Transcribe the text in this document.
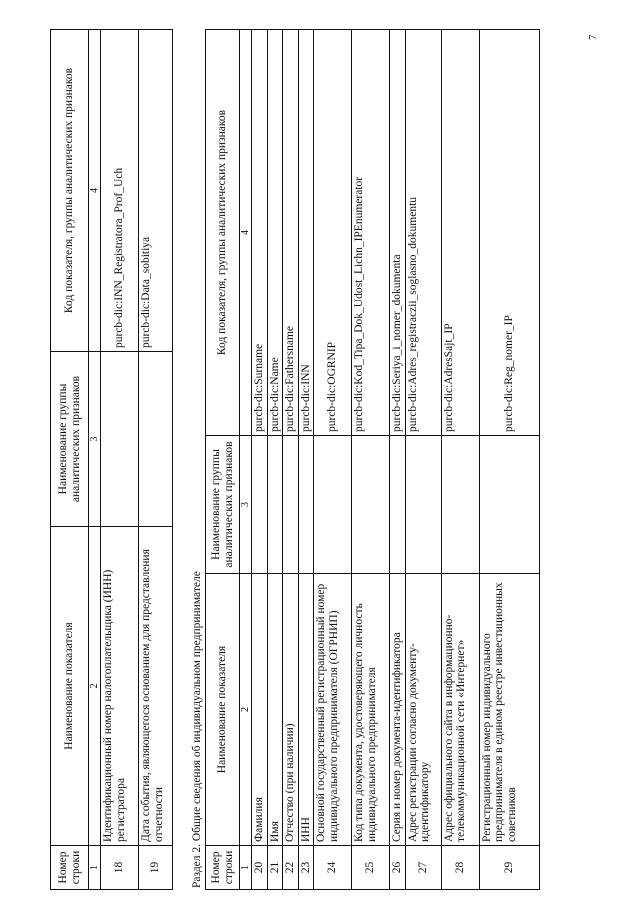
7
Номер строки	Наименование показателя	Наименование группы аналитических признаков	Код показателя, группы аналитических признаков
1	2	3	4
18	Идентификационный номер налогоплательщика (ИНН) регистратора		purcb-dic:INN_Registratora_Prof_Uch
19	Дата события, являющегося основанием для представления отчетности		purcb-dic:Data_sobitiya
Раздел 2. Общие сведения об индивидуальном предпринимателе Номер строки	Наименование показателя	Наименование группы аналитических признаков	Код показателя, группы аналитических признаков
1	2	3	4
20	Фамилия		purcb-dic:Surname
21	Имя		purcb-dic:Name
22	Отчество (при наличии)		purcb-dic:Fathersname
23	ИНН		purcb-dic:INN
24	Основной государственный регистрационный номер индивидуального предпринимателя (ОГРНИП)		purcb-dic:OGRNIP
25	Код типа документа, удостоверяющего личность индивидуального предпринимателя		purcb-dic:Kod_Tipa_Dok_Udost_Lichn_IPEnumerator
26	Серия и номер документа-идентификатора		purcb-dic:Seriya_i_nomer_dokumenta
27	Адрес регистрации согласно документу-идентификатору		purcb-dic:Adres_registraczii_soglasno_dokumentu
28	Адрес официального сайта в информационно-телекоммуникационной сети «Интернет»		purcb-dic:AdresSajt_IP
29	Регистрационный номер индивидуального предпринимателя в едином реестре инвестиционных советников		purcb-dic:Reg_nomer_IP
